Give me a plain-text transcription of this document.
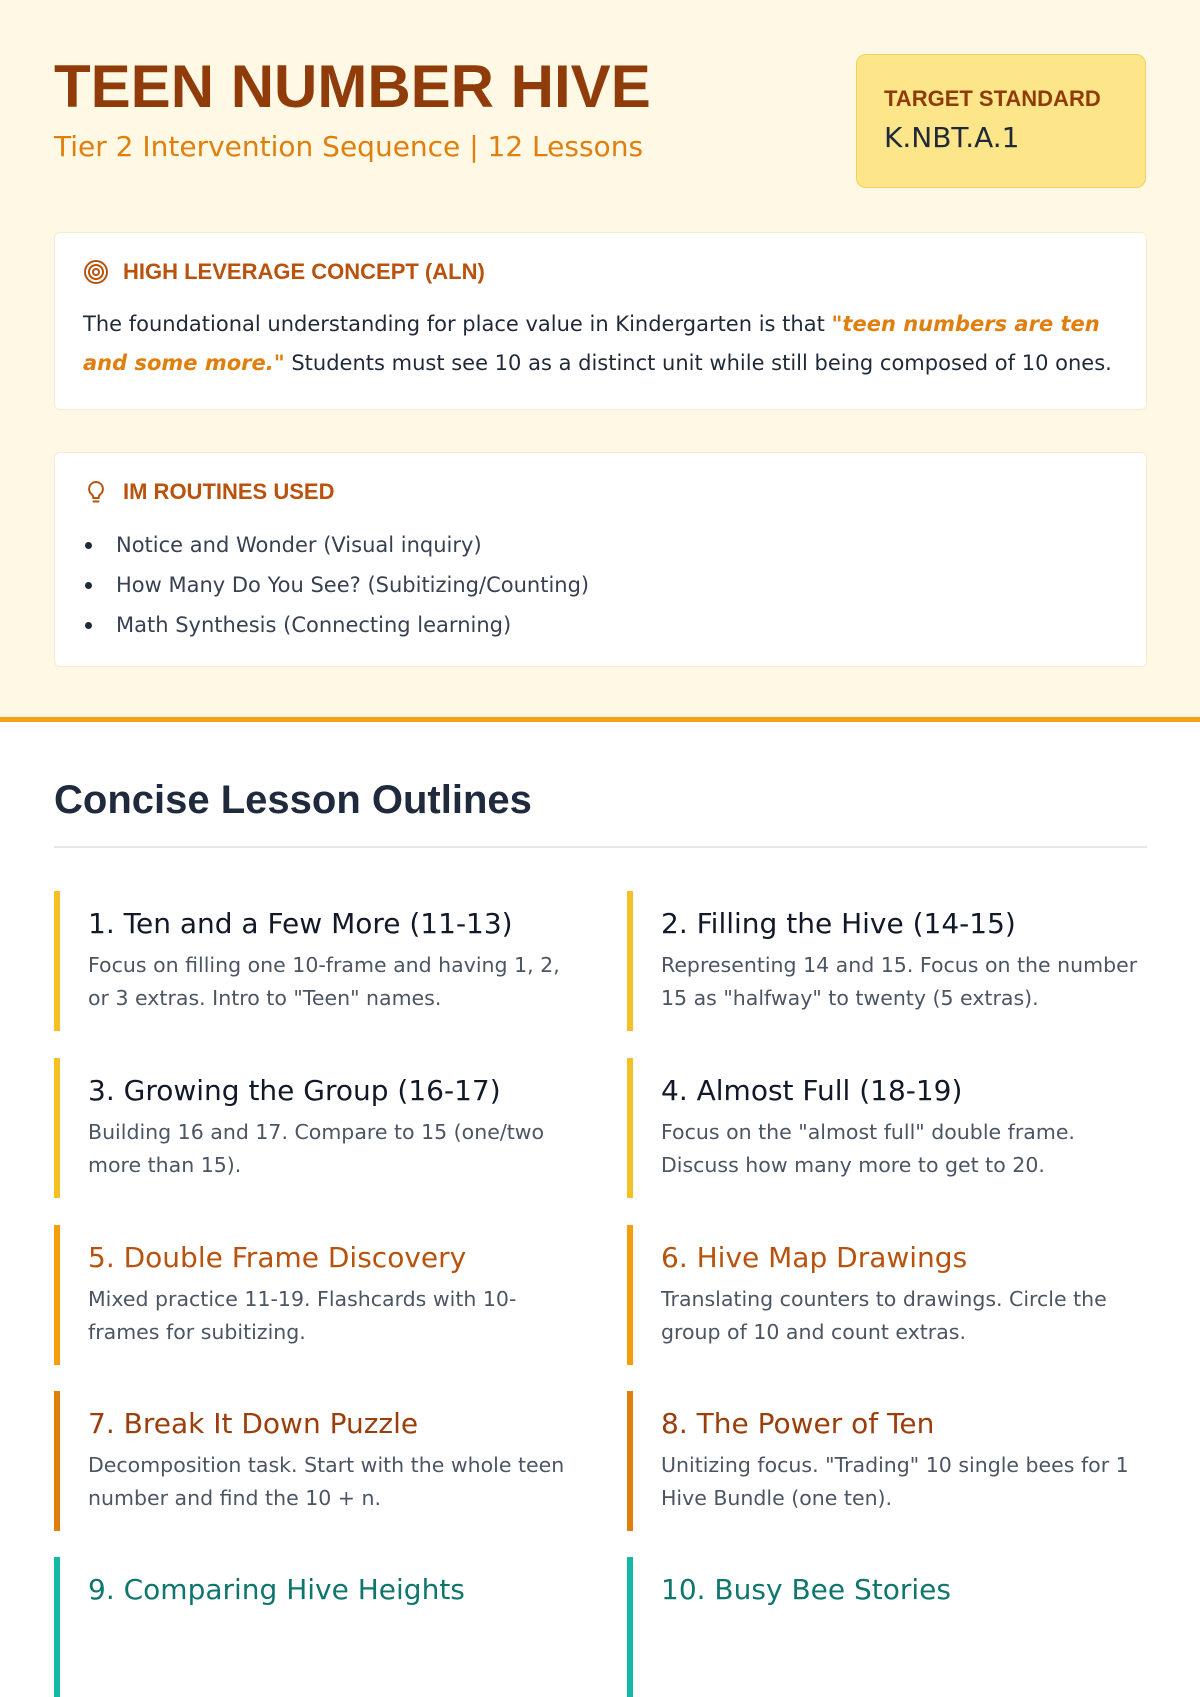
TEEN NUMBER HIVE
Tier 2 Intervention Sequence | 12 Lessons
TARGET STANDARD
K.NBT.A.1
HIGH LEVERAGE CONCEPT (ALN)

The foundational understanding for place value in Kindergarten is that "teen numbers are ten and some more." Students must see 10 as a distinct unit while still being composed of 10 ones.

IM ROUTINES USED
Notice and Wonder (Visual inquiry)
How Many Do You See? (Subitizing/Counting)
Math Synthesis (Connecting learning)
Concise Lesson Outlines
1. Ten and a Few More (11-13)

Focus on filling one 10-frame and having 1, 2, or 3 extras. Intro to "Teen" names.

2. Filling the Hive (14-15)

Representing 14 and 15. Focus on the number 15 as "halfway" to twenty (5 extras).

3. Growing the Group (16-17)

Building 16 and 17. Compare to 15 (one/two more than 15).

4. Almost Full (18-19)

Focus on the "almost full" double frame. Discuss how many more to get to 20.

5. Double Frame Discovery

Mixed practice 11-19. Flashcards with 10-frames for subitizing.

6. Hive Map Drawings

Translating counters to drawings. Circle the group of 10 and count extras.

7. Break It Down Puzzle

Decomposition task. Start with the whole teen number and find the 10 + n.

8. The Power of Ten

Unitizing focus. "Trading" 10 single bees for 1 Hive Bundle (one ten).

9. Comparing Hive Heights	10. Busy Bee Stories
